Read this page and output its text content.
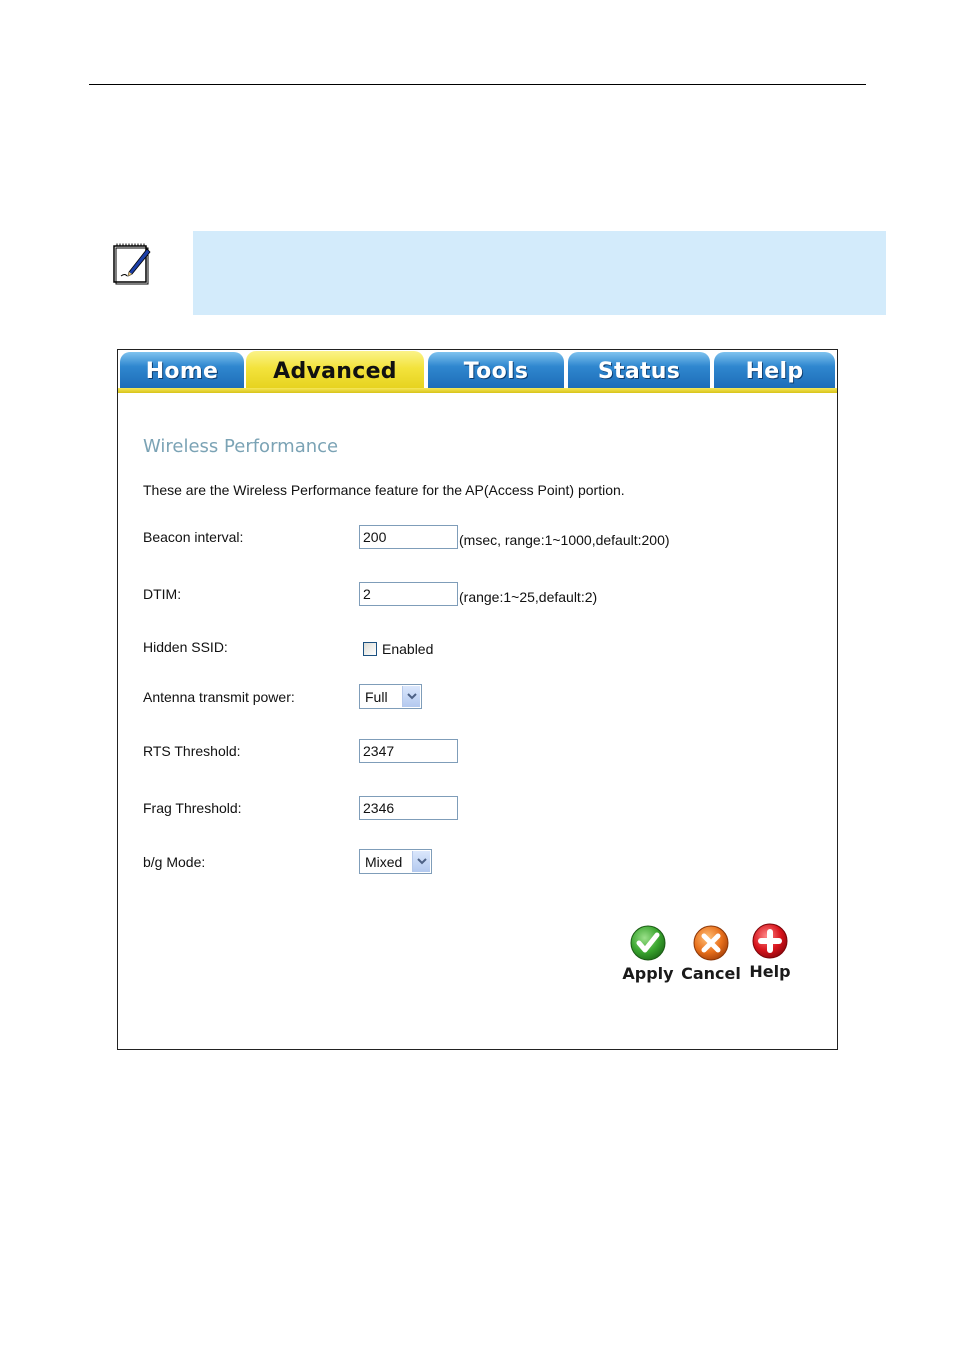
Home	Advanced	Tools	Status	Help
Wireless Performance
These are the Wireless Performance feature for the AP(Access Point) portion.
Beacon interval:
200	(msec, range:1~1000,default:200)
DTIM:
2	(range:1~25,default:2)
Hidden SSID:	Enabled
Antenna transmit power:	Full
RTS Threshold:
2347
Frag Threshold:
2346
b/g Mode:	Mixed
Apply Cancel Help
